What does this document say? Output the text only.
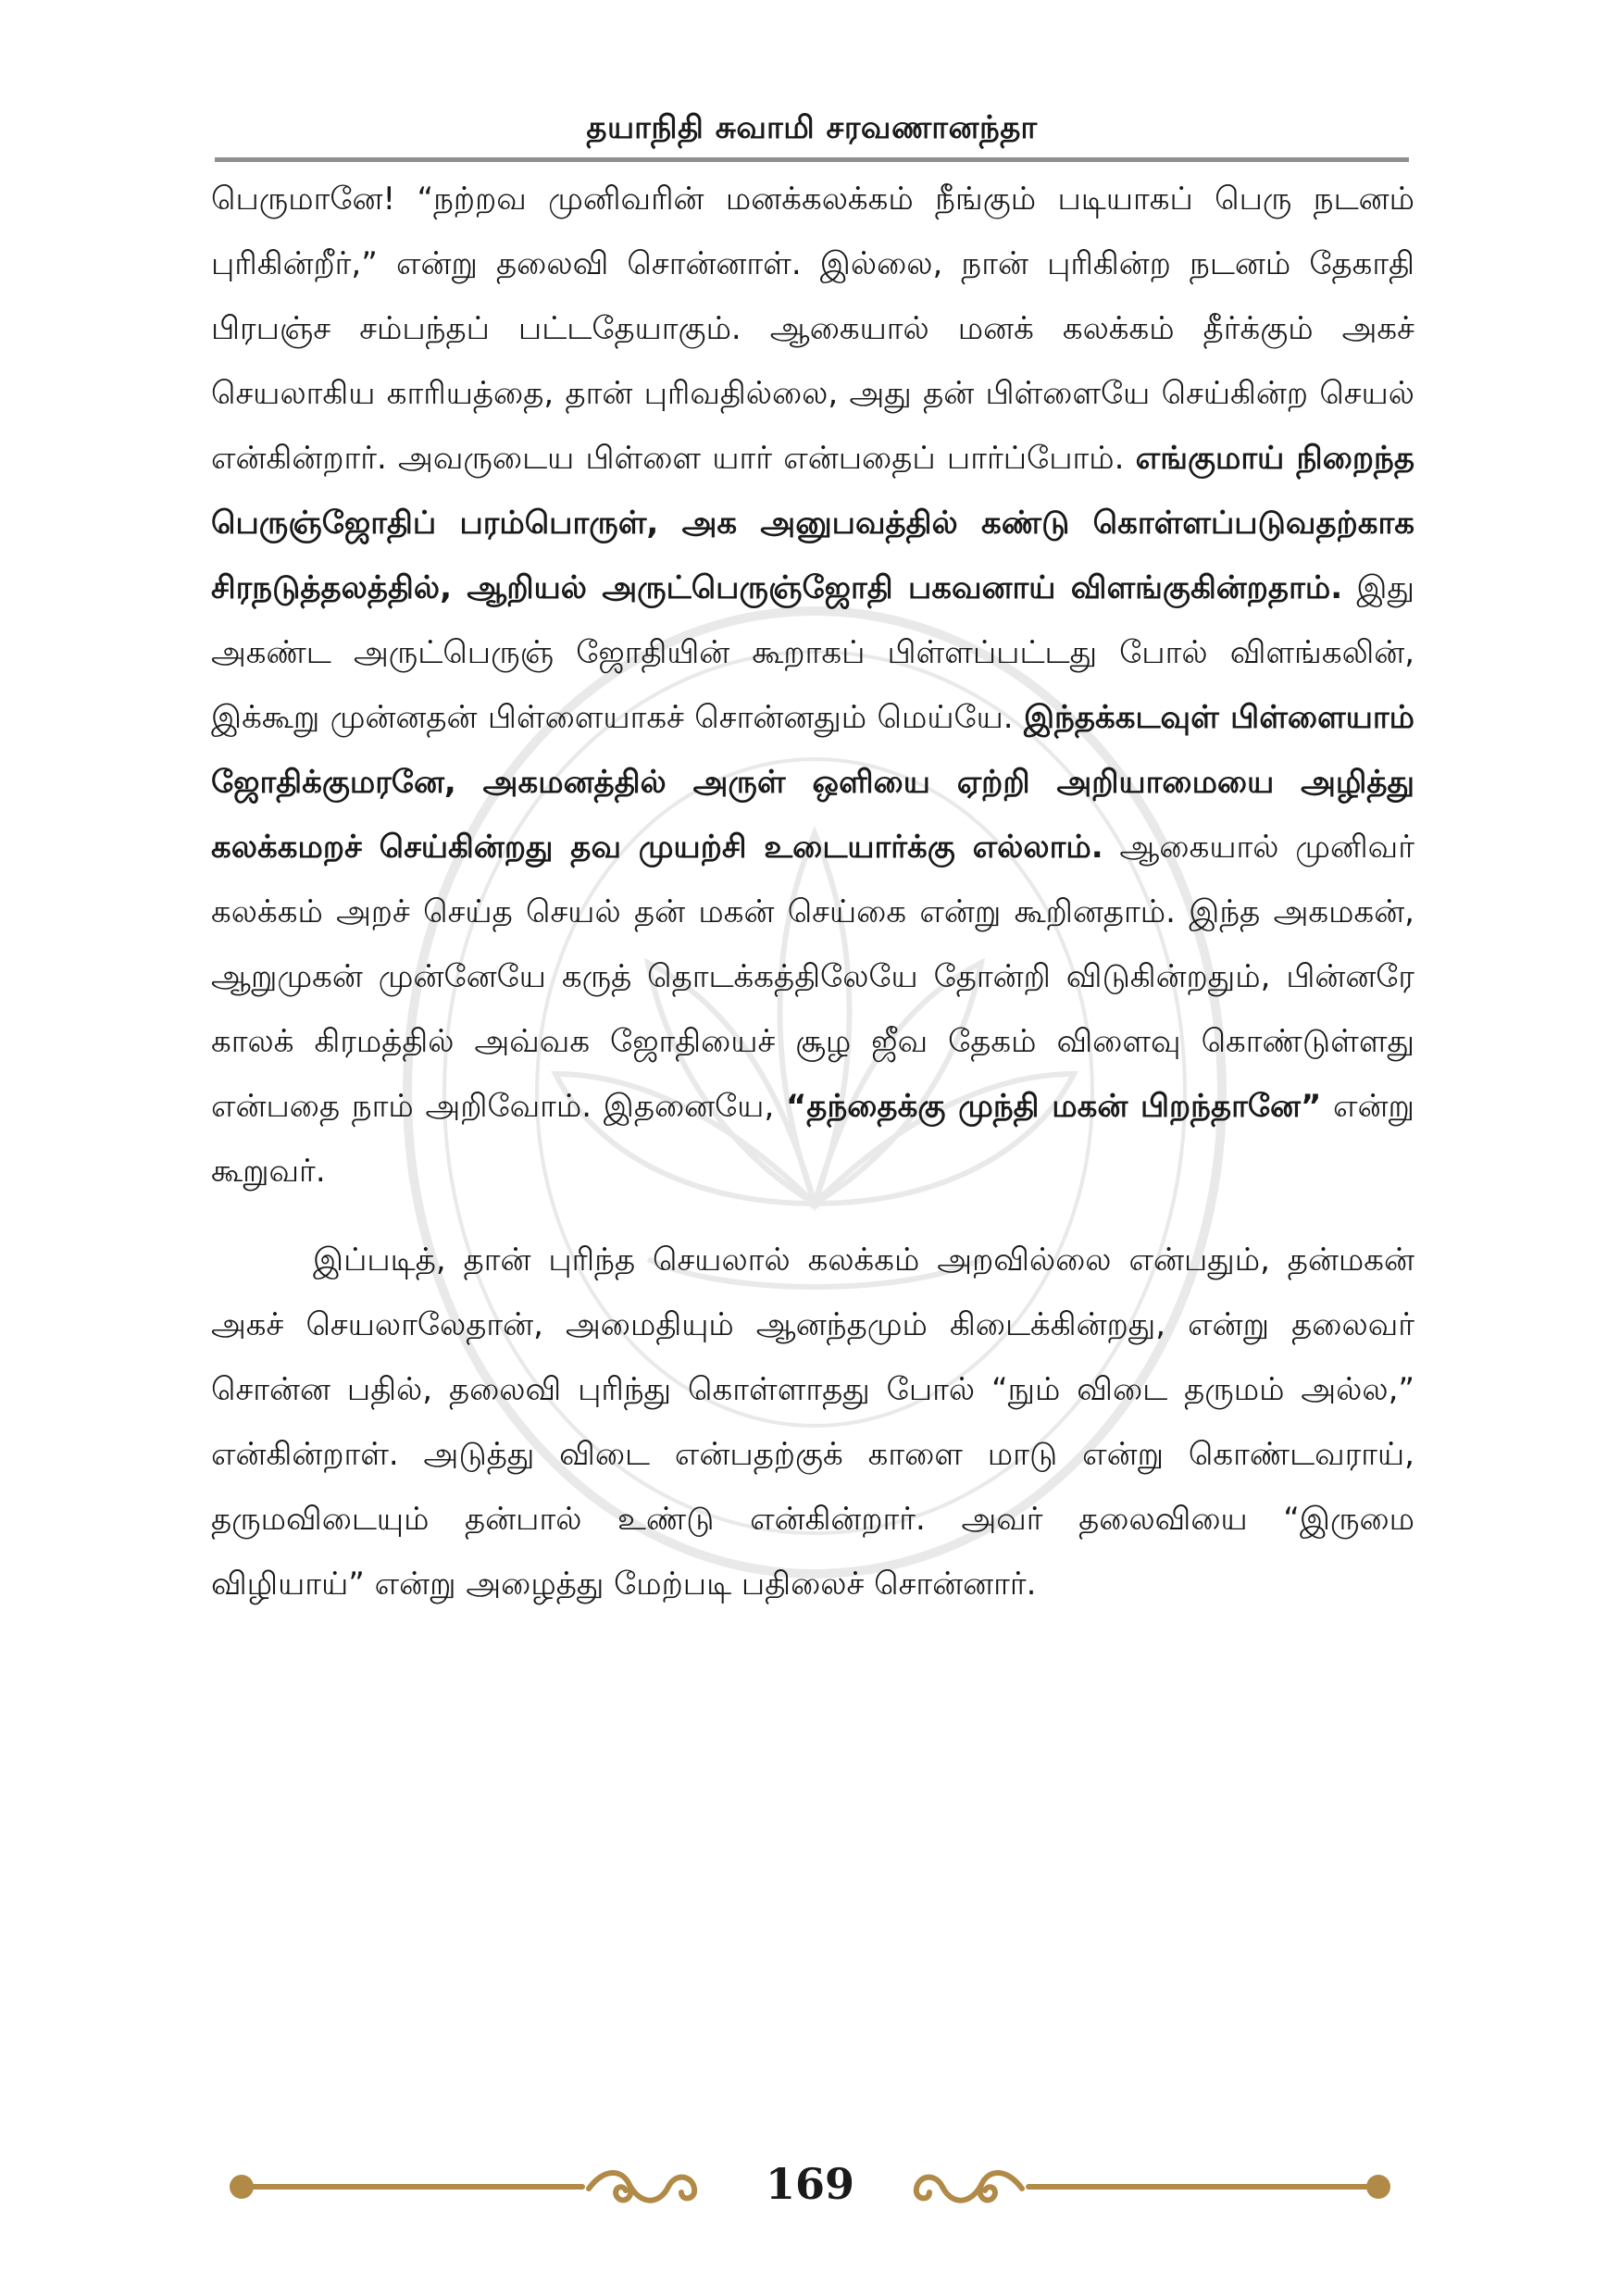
தயாநிதி சுவாமி சரவணானந்தா

பெருமானே! “நற்றவ முனிவரின் மனக்கலக்கம் நீங்கும் படியாகப் பெரு நடனம் புரிகின்றீர்,” என்று தலைவி சொன்னாள். இல்லை, நான் புரிகின்ற நடனம் தேகாதி பிரபஞ்ச சம்பந்தப் பட்டதேயாகும். ஆகையால் மனக் கலக்கம் தீர்க்கும் அகச் செயலாகிய காரியத்தை, தான் புரிவதில்லை, அது தன் பிள்ளையே செய்கின்ற செயல் என்கின்றார். அவருடைய பிள்ளை யார் என்பதைப் பார்ப்போம். எங்குமாய் நிறைந்த பெருஞ்ஜோதிப் பரம்பொருள், அக அனுபவத்தில் கண்டு கொள்ளப்படுவதற்காக சிரநடுத்தலத்தில், ஆறியல் அருட்பெருஞ்ஜோதி பகவனாய் விளங்குகின்றதாம். இது அகண்ட அருட்பெருஞ் ஜோதியின் கூறாகப் பிள்ளப்பட்டது போல் விளங்கலின், இக்கூறு முன்னதன் பிள்ளையாகச் சொன்னதும் மெய்யே. இந்தக்கடவுள் பிள்ளையாம் ஜோதிக்குமரனே, அகமனத்தில் அருள் ஒளியை ஏற்றி அறியாமையை அழித்து கலக்கமறச் செய்கின்றது தவ முயற்சி உடையார்க்கு எல்லாம். ஆகையால் முனிவர் கலக்கம் அறச் செய்த செயல் தன் மகன் செய்கை என்று கூறினதாம். இந்த அகமகன், ஆறுமுகன் முன்னேயே கருத் தொடக்கத்திலேயே தோன்றி விடுகின்றதும், பின்னரே காலக் கிரமத்தில் அவ்வக ஜோதியைச் சூழ ஜீவ தேகம் விளைவு கொண்டுள்ளது என்பதை நாம் அறிவோம். இதனையே, “தந்தைக்கு முந்தி மகன் பிறந்தானே” என்று கூறுவர்.

இப்படித், தான் புரிந்த செயலால் கலக்கம் அறவில்லை என்பதும், தன்மகன் அகச் செயலாலேதான், அமைதியும் ஆனந்தமும் கிடைக்கின்றது, என்று தலைவர் சொன்ன பதில், தலைவி புரிந்து கொள்ளாதது போல் “நும் விடை தருமம் அல்ல,” என்கின்றாள். அடுத்து விடை என்பதற்குக் காளை மாடு என்று கொண்டவராய், தருமவிடையும் தன்பால் உண்டு என்கின்றார். அவர் தலைவியை “இருமை விழியாய்” என்று அழைத்து மேற்படி பதிலைச் சொன்னார்.

169
